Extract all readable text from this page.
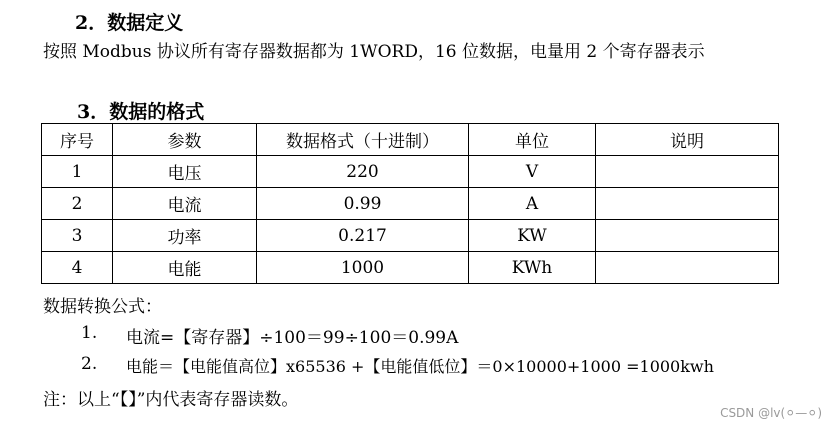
2．数据定义
按照 Modbus 协议所有寄存器数据都为 1WORD，16 位数据，电量用 2 个寄存器表示
3．数据的格式
序号	参数	数据格式（十进制）	单位	说明
1	电压	220	V	
2	电流	0.99	A	
3	功率	0.217	KW	
4	电能	1000	KWh	
数据转换公式：
1. 电流=【寄存器】÷100＝99÷100＝0.99A
2. 电能＝【电能值高位】x65536 +【电能值低位】＝0×10000+1000 =1000kwh
注：以上“【】”内代表寄存器读数。
CSDN @lv(⚪—⚪)
